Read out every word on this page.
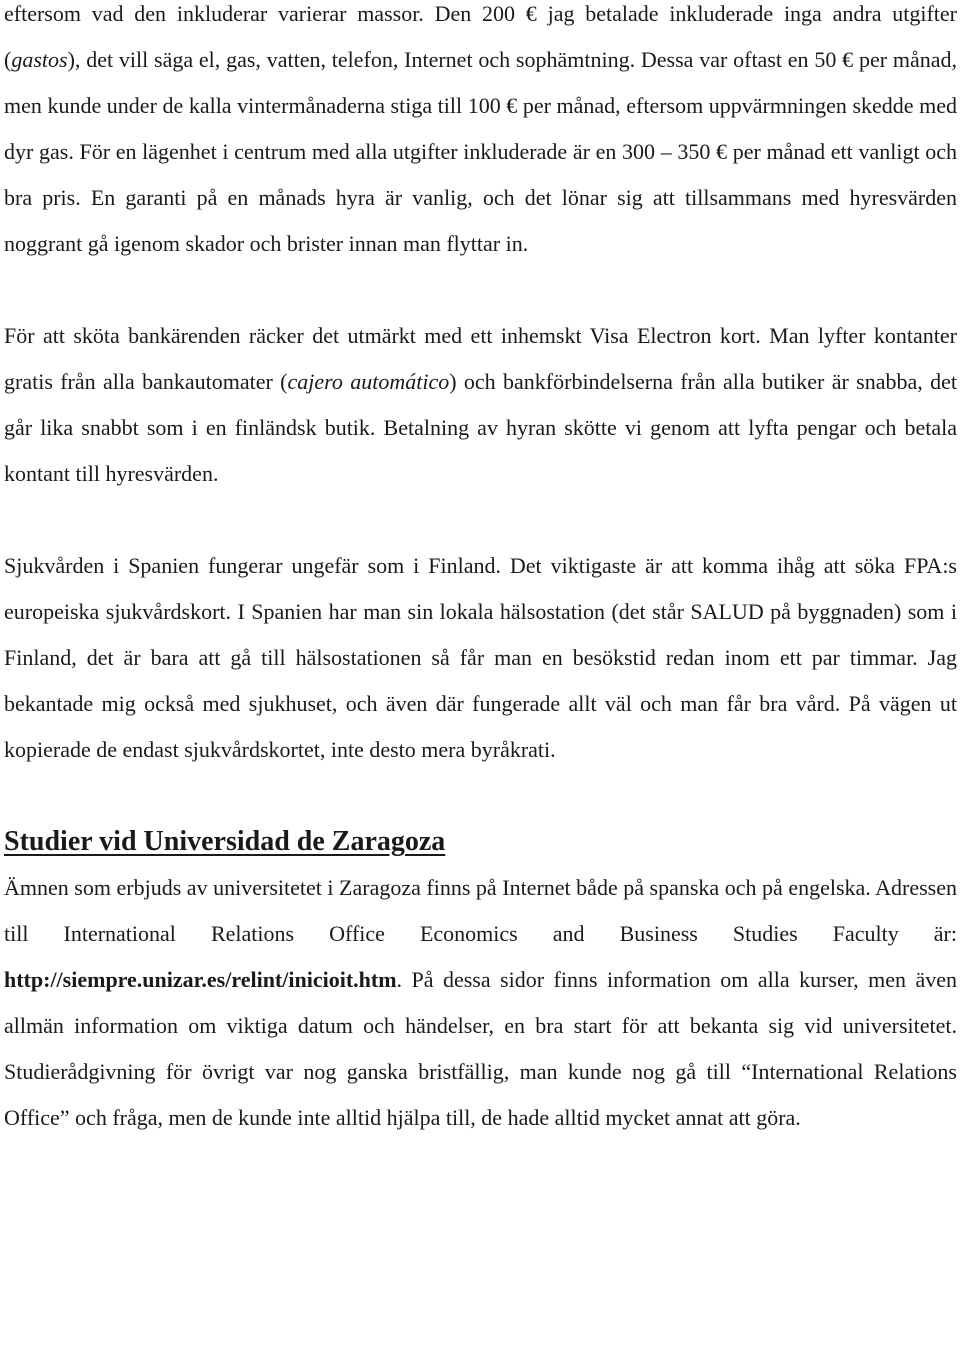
eftersom vad den inkluderar varierar massor. Den 200 € jag betalade inkluderade inga andra utgifter (gastos), det vill säga el, gas, vatten, telefon, Internet och sophämtning. Dessa var oftast en 50 € per månad, men kunde under de kalla vintermånaderna stiga till 100 € per månad, eftersom uppvärmningen skedde med dyr gas. För en lägenhet i centrum med alla utgifter inkluderade är en 300 – 350 € per månad ett vanligt och bra pris. En garanti på en månads hyra är vanlig, och det lönar sig att tillsammans med hyresvärden noggrant gå igenom skador och brister innan man flyttar in.

För att sköta bankärenden räcker det utmärkt med ett inhemskt Visa Electron kort. Man lyfter kontanter gratis från alla bankautomater (cajero automático) och bankförbindelserna från alla butiker är snabba, det går lika snabbt som i en finländsk butik. Betalning av hyran skötte vi genom att lyfta pengar och betala kontant till hyresvärden.

Sjukvården i Spanien fungerar ungefär som i Finland. Det viktigaste är att komma ihåg att söka FPA:s europeiska sjukvårdskort. I Spanien har man sin lokala hälsostation (det står SALUD på byggnaden) som i Finland, det är bara att gå till hälsostationen så får man en besökstid redan inom ett par timmar. Jag bekantade mig också med sjukhuset, och även där fungerade allt väl och man får bra vård. På vägen ut kopierade de endast sjukvårdskortet, inte desto mera byråkrati.

Studier vid Universidad de Zaragoza

Ämnen som erbjuds av universitetet i Zaragoza finns på Internet både på spanska och på engelska. Adressen till International Relations Office Economics and Business Studies Faculty är: http://siempre.unizar.es/relint/inicioit.htm. På dessa sidor finns information om alla kurser, men även allmän information om viktiga datum och händelser, en bra start för att bekanta sig vid universitetet. Studierådgivning för övrigt var nog ganska bristfällig, man kunde nog gå till “International Relations Office” och fråga, men de kunde inte alltid hjälpa till, de hade alltid mycket annat att göra.
